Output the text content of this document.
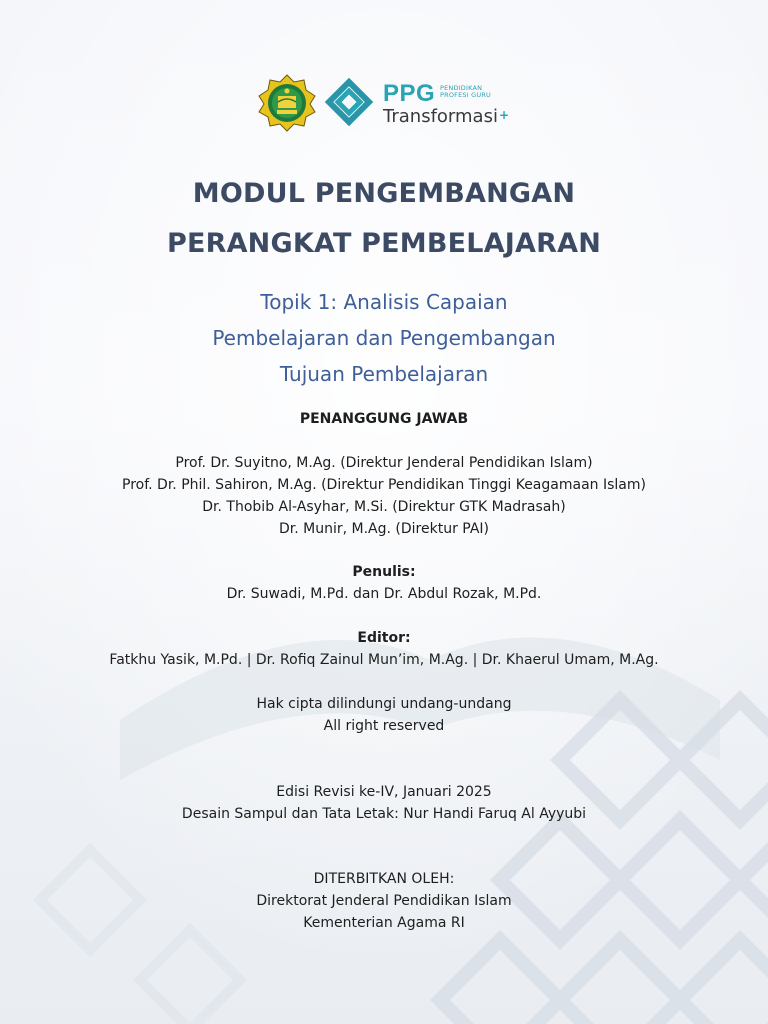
PPG PENDIDIKAN
PROFESI GURU
Transformasi +
MODUL PENGEMBANGAN
PERANGKAT PEMBELAJARAN
Topik 1: Analisis Capaian
Pembelajaran dan Pengembangan
Tujuan Pembelajaran
PENANGGUNG JAWAB
Prof. Dr. Suyitno, M.Ag. (Direktur Jenderal Pendidikan Islam)
Prof. Dr. Phil. Sahiron, M.Ag. (Direktur Pendidikan Tinggi Keagamaan Islam)
Dr. Thobib Al-Asyhar, M.Si. (Direktur GTK Madrasah)
Dr. Munir, M.Ag. (Direktur PAI)
Penulis:
Dr. Suwadi, M.Pd. dan Dr. Abdul Rozak, M.Pd.
Editor:
Fatkhu Yasik, M.Pd. | Dr. Rofiq Zainul Mun’im, M.Ag. | Dr. Khaerul Umam, M.Ag.
Hak cipta dilindungi undang-undang
All right reserved
Edisi Revisi ke-IV, Januari 2025
Desain Sampul dan Tata Letak: Nur Handi Faruq Al Ayyubi
DITERBITKAN OLEH:
Direktorat Jenderal Pendidikan Islam
Kementerian Agama RI
